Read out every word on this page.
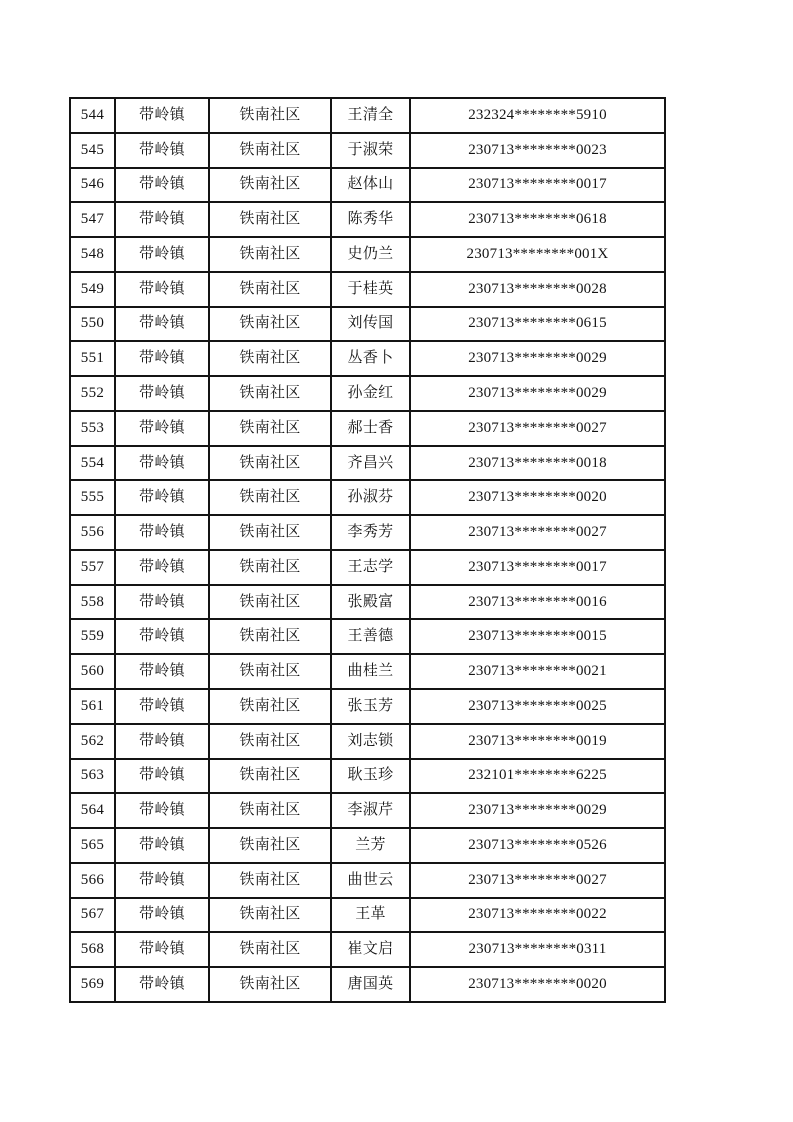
544	带岭镇	铁南社区	王清全	232324********5910
545	带岭镇	铁南社区	于淑荣	230713********0023
546	带岭镇	铁南社区	赵体山	230713********0017
547	带岭镇	铁南社区	陈秀华	230713********0618
548	带岭镇	铁南社区	史仍兰	230713********001X
549	带岭镇	铁南社区	于桂英	230713********0028
550	带岭镇	铁南社区	刘传国	230713********0615
551	带岭镇	铁南社区	丛香卜	230713********0029
552	带岭镇	铁南社区	孙金红	230713********0029
553	带岭镇	铁南社区	郝士香	230713********0027
554	带岭镇	铁南社区	齐昌兴	230713********0018
555	带岭镇	铁南社区	孙淑芬	230713********0020
556	带岭镇	铁南社区	李秀芳	230713********0027
557	带岭镇	铁南社区	王志学	230713********0017
558	带岭镇	铁南社区	张殿富	230713********0016
559	带岭镇	铁南社区	王善德	230713********0015
560	带岭镇	铁南社区	曲桂兰	230713********0021
561	带岭镇	铁南社区	张玉芳	230713********0025
562	带岭镇	铁南社区	刘志锁	230713********0019
563	带岭镇	铁南社区	耿玉珍	232101********6225
564	带岭镇	铁南社区	李淑芹	230713********0029
565	带岭镇	铁南社区	兰芳	230713********0526
566	带岭镇	铁南社区	曲世云	230713********0027
567	带岭镇	铁南社区	王革	230713********0022
568	带岭镇	铁南社区	崔文启	230713********0311
569	带岭镇	铁南社区	唐国英	230713********0020
